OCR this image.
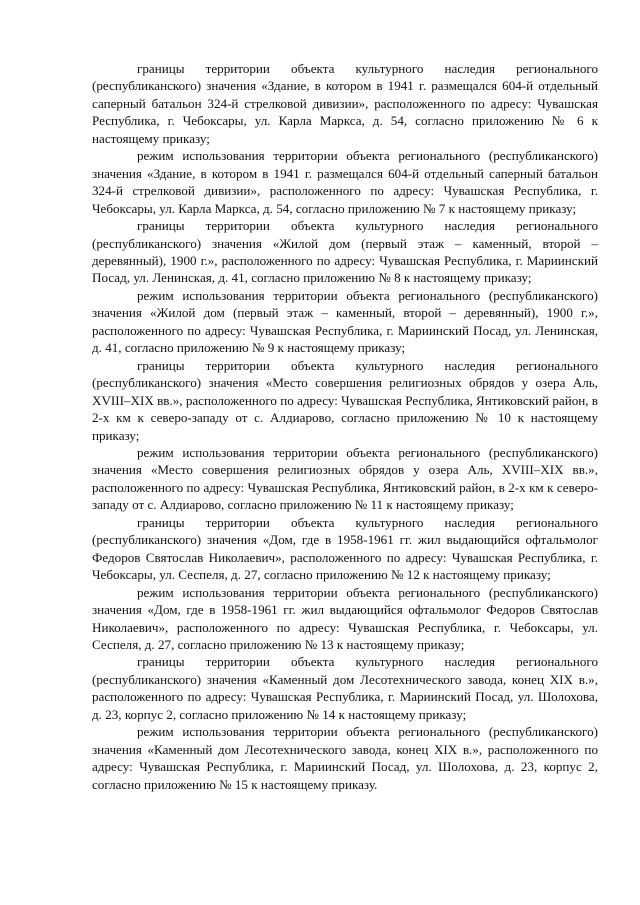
границы территории объекта культурного наследия регионального (республиканского) значения «Здание, в котором в 1941 г. размещался 604-й отдельный саперный батальон 324-й стрелковой дивизии», расположенного по адресу: Чувашская Республика, г. Чебоксары, ул. Карла Маркса, д. 54, согласно приложению № 6 к настоящему приказу;

режим использования территории объекта регионального (республиканского) значения «Здание, в котором в 1941 г. размещался 604-й отдельный саперный батальон 324-й стрелковой дивизии», расположенного по адресу: Чувашская Республика, г. Чебоксары, ул. Карла Маркса, д. 54, согласно приложению № 7 к настоящему приказу;

границы территории объекта культурного наследия регионального (республиканского) значения «Жилой дом (первый этаж – каменный, второй – деревянный), 1900 г.», расположенного по адресу: Чувашская Республика, г. Мариинский Посад, ул. Ленинская, д. 41, согласно приложению № 8 к настоящему приказу;

режим использования территории объекта регионального (республиканского) значения «Жилой дом (первый этаж – каменный, второй – деревянный), 1900 г.», расположенного по адресу: Чувашская Республика, г. Мариинский Посад, ул. Ленинская, д. 41, согласно приложению № 9 к настоящему приказу;

границы территории объекта культурного наследия регионального (республиканского) значения «Место совершения религиозных обрядов у озера Аль, XVIII–XIX вв.», расположенного по адресу: Чувашская Республика, Янтиковский район, в 2-х км к северо-западу от с. Алдиарово, согласно приложению № 10 к настоящему приказу;

режим использования территории объекта регионального (республиканского) значения «Место совершения религиозных обрядов у озера Аль, XVIII–XIX вв.», расположенного по адресу: Чувашская Республика, Янтиковский район, в 2-х км к северо-западу от с. Алдиарово, согласно приложению № 11 к настоящему приказу;

границы территории объекта культурного наследия регионального (республиканского) значения «Дом, где в 1958-1961 гг. жил выдающийся офтальмолог Федоров Святослав Николаевич», расположенного по адресу: Чувашская Республика, г. Чебоксары, ул. Сеспеля, д. 27, согласно приложению № 12 к настоящему приказу;

режим использования территории объекта регионального (республиканского) значения «Дом, где в 1958-1961 гг. жил выдающийся офтальмолог Федоров Святослав Николаевич», расположенного по адресу: Чувашская Республика, г. Чебоксары, ул. Сеспеля, д. 27, согласно приложению № 13 к настоящему приказу;

границы территории объекта культурного наследия регионального (республиканского) значения «Каменный дом Лесотехнического завода, конец XIX в.», расположенного по адресу: Чувашская Республика, г. Мариинский Посад, ул. Шолохова, д. 23, корпус 2, согласно приложению № 14 к настоящему приказу;

режим использования территории объекта регионального (республиканского) значения «Каменный дом Лесотехнического завода, конец XIX в.», расположенного по адресу: Чувашская Республика, г. Мариинский Посад, ул. Шолохова, д. 23, корпус 2, согласно приложению № 15 к настоящему приказу.
